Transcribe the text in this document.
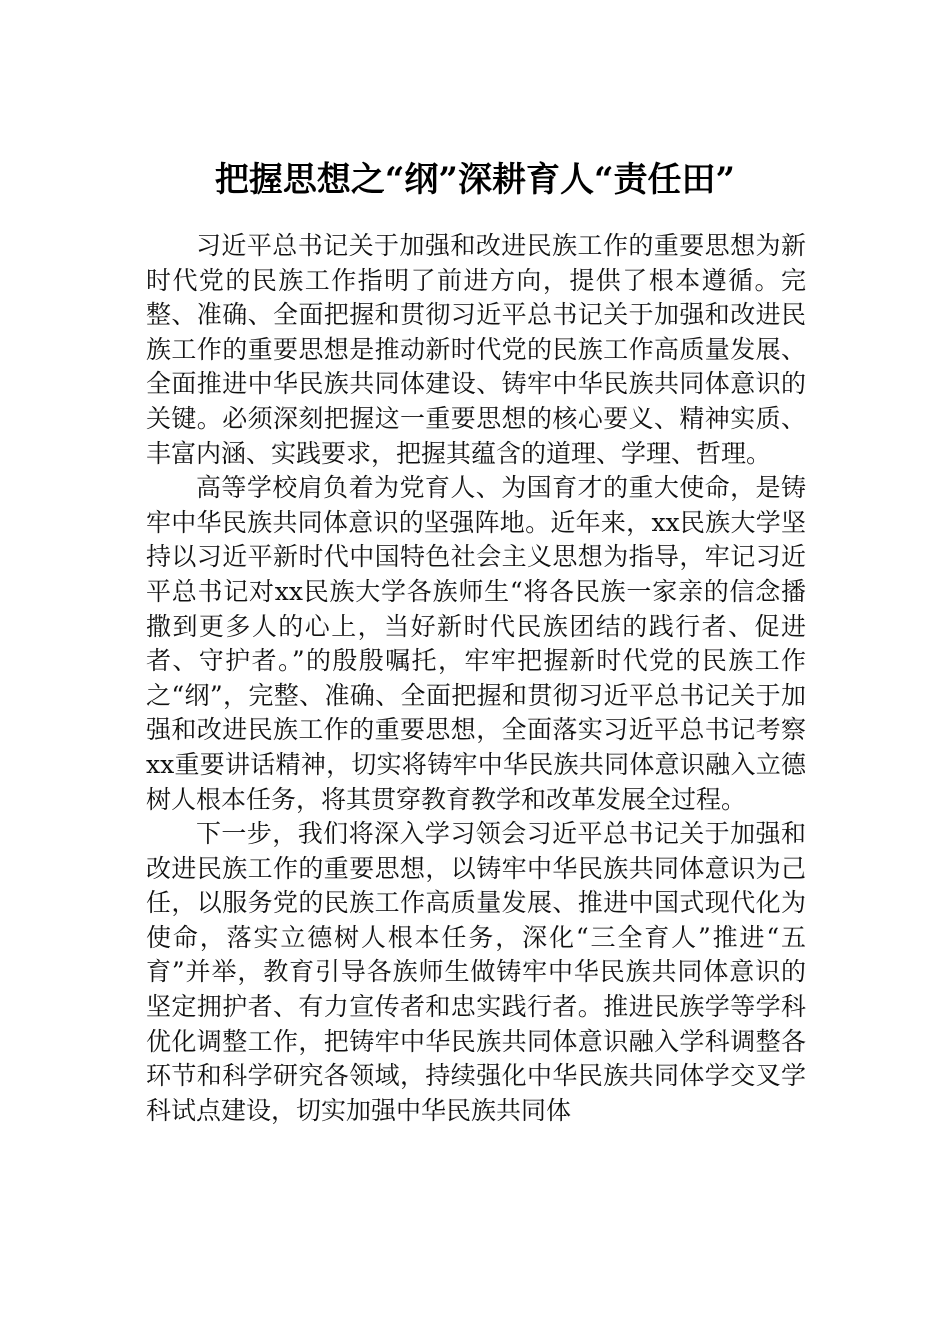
把握思想之“纲”深耕育人“责任田”

习近平总书记关于加强和改进民族工作的重要思想为新时代党的民族工作指明了前进方向，提供了根本遵循。完整、准确、全面把握和贯彻习近平总书记关于加强和改进民族工作的重要思想是推动新时代党的民族工作高质量发展、全面推进中华民族共同体建设、铸牢中华民族共同体意识的关键。必须深刻把握这一重要思想的核心要义、精神实质、丰富内涵、实践要求，把握其蕴含的道理、学理、哲理。

高等学校肩负着为党育人、为国育才的重大使命，是铸牢中华民族共同体意识的坚强阵地。近年来，xx民族大学坚持以习近平新时代中国特色社会主义思想为指导，牢记习近平总书记对xx民族大学各族师生“将各民族一家亲的信念播撒到更多人的心上，当好新时代民族团结的践行者、促进者、守护者。”的殷殷嘱托，牢牢把握新时代党的民族工作之“纲”，完整、准确、全面把握和贯彻习近平总书记关于加强和改进民族工作的重要思想，全面落实习近平总书记考察xx重要讲话精神，切实将铸牢中华民族共同体意识融入立德树人根本任务，将其贯穿教育教学和改革发展全过程。

下一步，我们将深入学习领会习近平总书记关于加强和改进民族工作的重要思想，以铸牢中华民族共同体意识为己任，以服务党的民族工作高质量发展、推进中国式现代化为使命，落实立德树人根本任务，深化“三全育人”推进“五育”并举，教育引导各族师生做铸牢中华民族共同体意识的坚定拥护者、有力宣传者和忠实践行者。推进民族学等学科优化调整工作，把铸牢中华民族共同体意识融入学科调整各环节和科学研究各领域，持续强化中华民族共同体学交叉学科试点建设，切实加强中华民族共同体
